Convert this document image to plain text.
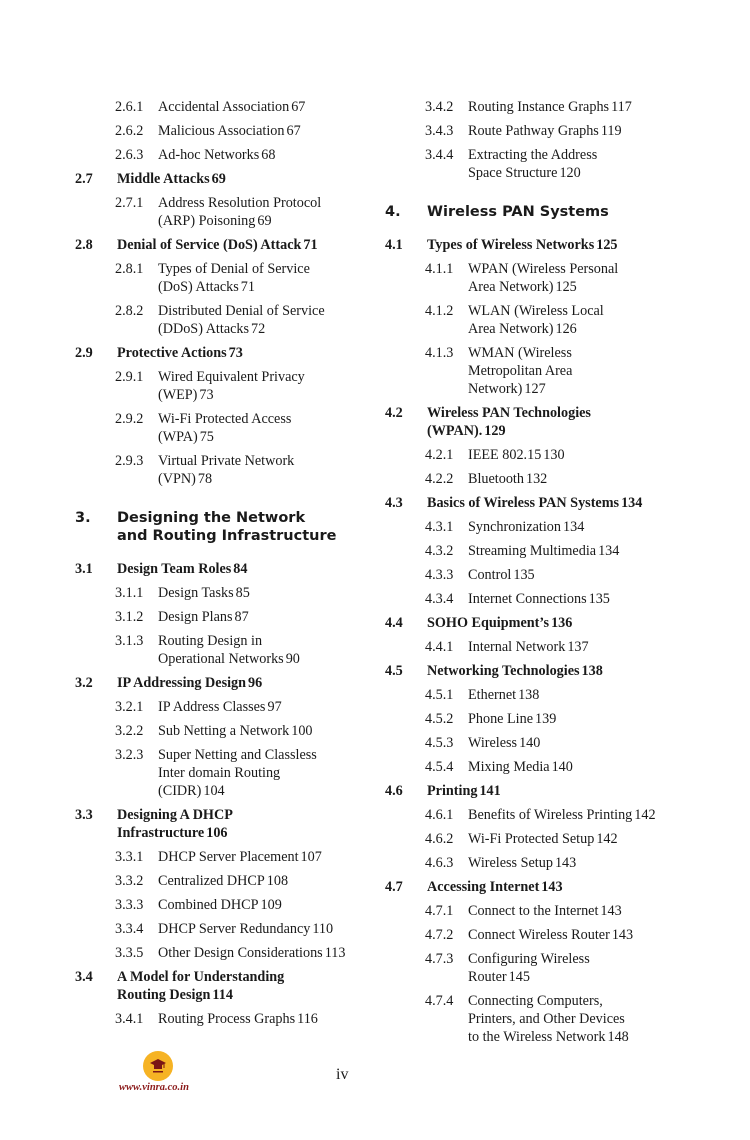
2.6.1 Accidental Association 67
2.6.2 Malicious Association 67
2.6.3 Ad-hoc Networks 68
2.7 Middle Attacks 69
2.7.1 Address Resolution Protocol
(ARP) Poisoning 69
2.8 Denial of Service (DoS) Attack 71
2.8.1 Types of Denial of Service
(DoS) Attacks 71
2.8.2 Distributed Denial of Service
(DDoS) Attacks 72
2.9 Protective Actions 73
2.9.1 Wired Equivalent Privacy
(WEP) 73
2.9.2 Wi-Fi Protected Access
(WPA) 75
2.9.3 Virtual Private Network
(VPN) 78
3. Designing the Network
and Routing Infrastructure
3.1 Design Team Roles 84
3.1.1 Design Tasks 85
3.1.2 Design Plans 87
3.1.3 Routing Design in
Operational Networks 90
3.2 IP Addressing Design 96
3.2.1 IP Address Classes 97
3.2.2 Sub Netting a Network 100
3.2.3 Super Netting and Classless
Inter domain Routing
(CIDR) 104
3.3 Designing A DHCP
Infrastructure 106
3.3.1 DHCP Server Placement 107
3.3.2 Centralized DHCP 108
3.3.3 Combined DHCP 109
3.3.4 DHCP Server Redundancy 110
3.3.5 Other Design Considerations 113
3.4 A Model for Understanding
Routing Design 114
3.4.1 Routing Process Graphs 116
3.4.2 Routing Instance Graphs 117
3.4.3 Route Pathway Graphs 119
3.4.4 Extracting the Address
Space Structure 120
4. Wireless PAN Systems
4.1 Types of Wireless Networks 125
4.1.1 WPAN (Wireless Personal
Area Network) 125
4.1.2 WLAN (Wireless Local
Area Network) 126
4.1.3 WMAN (Wireless
Metropolitan Area
Network) 127
4.2 Wireless PAN Technologies
(WPAN). 129
4.2.1 IEEE 802.15 130
4.2.2 Bluetooth 132
4.3 Basics of Wireless PAN Systems 134
4.3.1 Synchronization 134
4.3.2 Streaming Multimedia 134
4.3.3 Control 135
4.3.4 Internet Connections 135
4.4 SOHO Equipment’s 136
4.4.1 Internal Network 137
4.5 Networking Technologies 138
4.5.1 Ethernet 138
4.5.2 Phone Line 139
4.5.3 Wireless 140
4.5.4 Mixing Media 140
4.6 Printing 141
4.6.1 Benefits of Wireless Printing 142
4.6.2 Wi-Fi Protected Setup 142
4.6.3 Wireless Setup 143
4.7 Accessing Internet 143
4.7.1 Connect to the Internet 143
4.7.2 Connect Wireless Router 143
4.7.3 Configuring Wireless
Router 145
4.7.4 Connecting Computers,
Printers, and Other Devices
to the Wireless Network 148
www.vinra.co.in
iv
